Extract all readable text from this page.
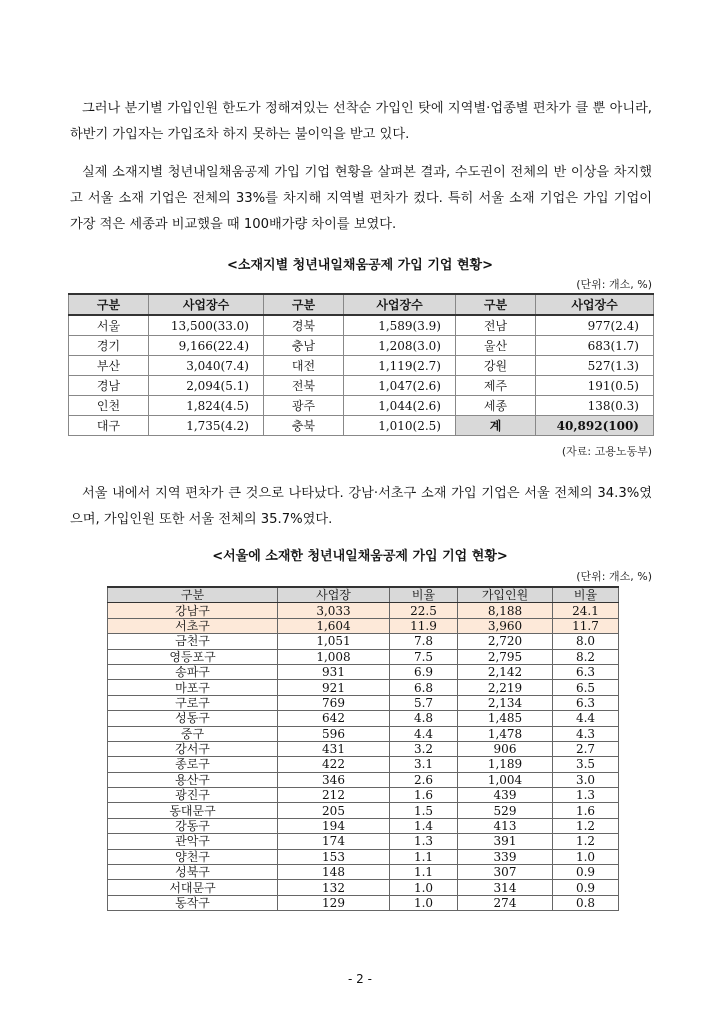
그러나 분기별 가입인원 한도가 정해져있는 선착순 가입인 탓에 지역별·업종별 편차가 클 뿐 아니라, 하반기 가입자는 가입조차 하지 못하는 불이익을 받고 있다.

실제 소재지별 청년내일채움공제 가입 기업 현황을 살펴본 결과, 수도권이 전체의 반 이상을 차지했고 서울 소재 기업은 전체의 33%를 차지해 지역별 편차가 컸다. 특히 서울 소재 기업은 가입 기업이 가장 적은 세종과 비교했을 때 100배가량 차이를 보였다.

<소재지별 청년내일채움공제 가입 기업 현황>
(단위: 개소, %)
구분	사업장수	구분	사업장수	구분	사업장수
서울	13,500(33.0)	경북	1,589(3.9)	전남	977(2.4)
경기	9,166(22.4)	충남	1,208(3.0)	울산	683(1.7)
부산	3,040(7.4)	대전	1,119(2.7)	강원	527(1.3)
경남	2,094(5.1)	전북	1,047(2.6)	제주	191(0.5)
인천	1,824(4.5)	광주	1,044(2.6)	세종	138(0.3)
대구	1,735(4.2)	충북	1,010(2.5)	계	40,892(100)
(자료: 고용노동부)

서울 내에서 지역 편차가 큰 것으로 나타났다. 강남·서초구 소재 가입 기업은 서울 전체의 34.3%였으며, 가입인원 또한 서울 전체의 35.7%였다.

<서울에 소재한 청년내일채움공제 가입 기업 현황>
(단위: 개소, %)
구분	사업장	비율	가입인원	비율
강남구	3,033	22.5	8,188	24.1
서초구	1,604	11.9	3,960	11.7
금천구	1,051	7.8	2,720	8.0
영등포구	1,008	7.5	2,795	8.2
송파구	931	6.9	2,142	6.3
마포구	921	6.8	2,219	6.5
구로구	769	5.7	2,134	6.3
성동구	642	4.8	1,485	4.4
중구	596	4.4	1,478	4.3
강서구	431	3.2	906	2.7
종로구	422	3.1	1,189	3.5
용산구	346	2.6	1,004	3.0
광진구	212	1.6	439	1.3
동대문구	205	1.5	529	1.6
강동구	194	1.4	413	1.2
관악구	174	1.3	391	1.2
양천구	153	1.1	339	1.0
성북구	148	1.1	307	0.9
서대문구	132	1.0	314	0.9
동작구	129	1.0	274	0.8
- 2 -
